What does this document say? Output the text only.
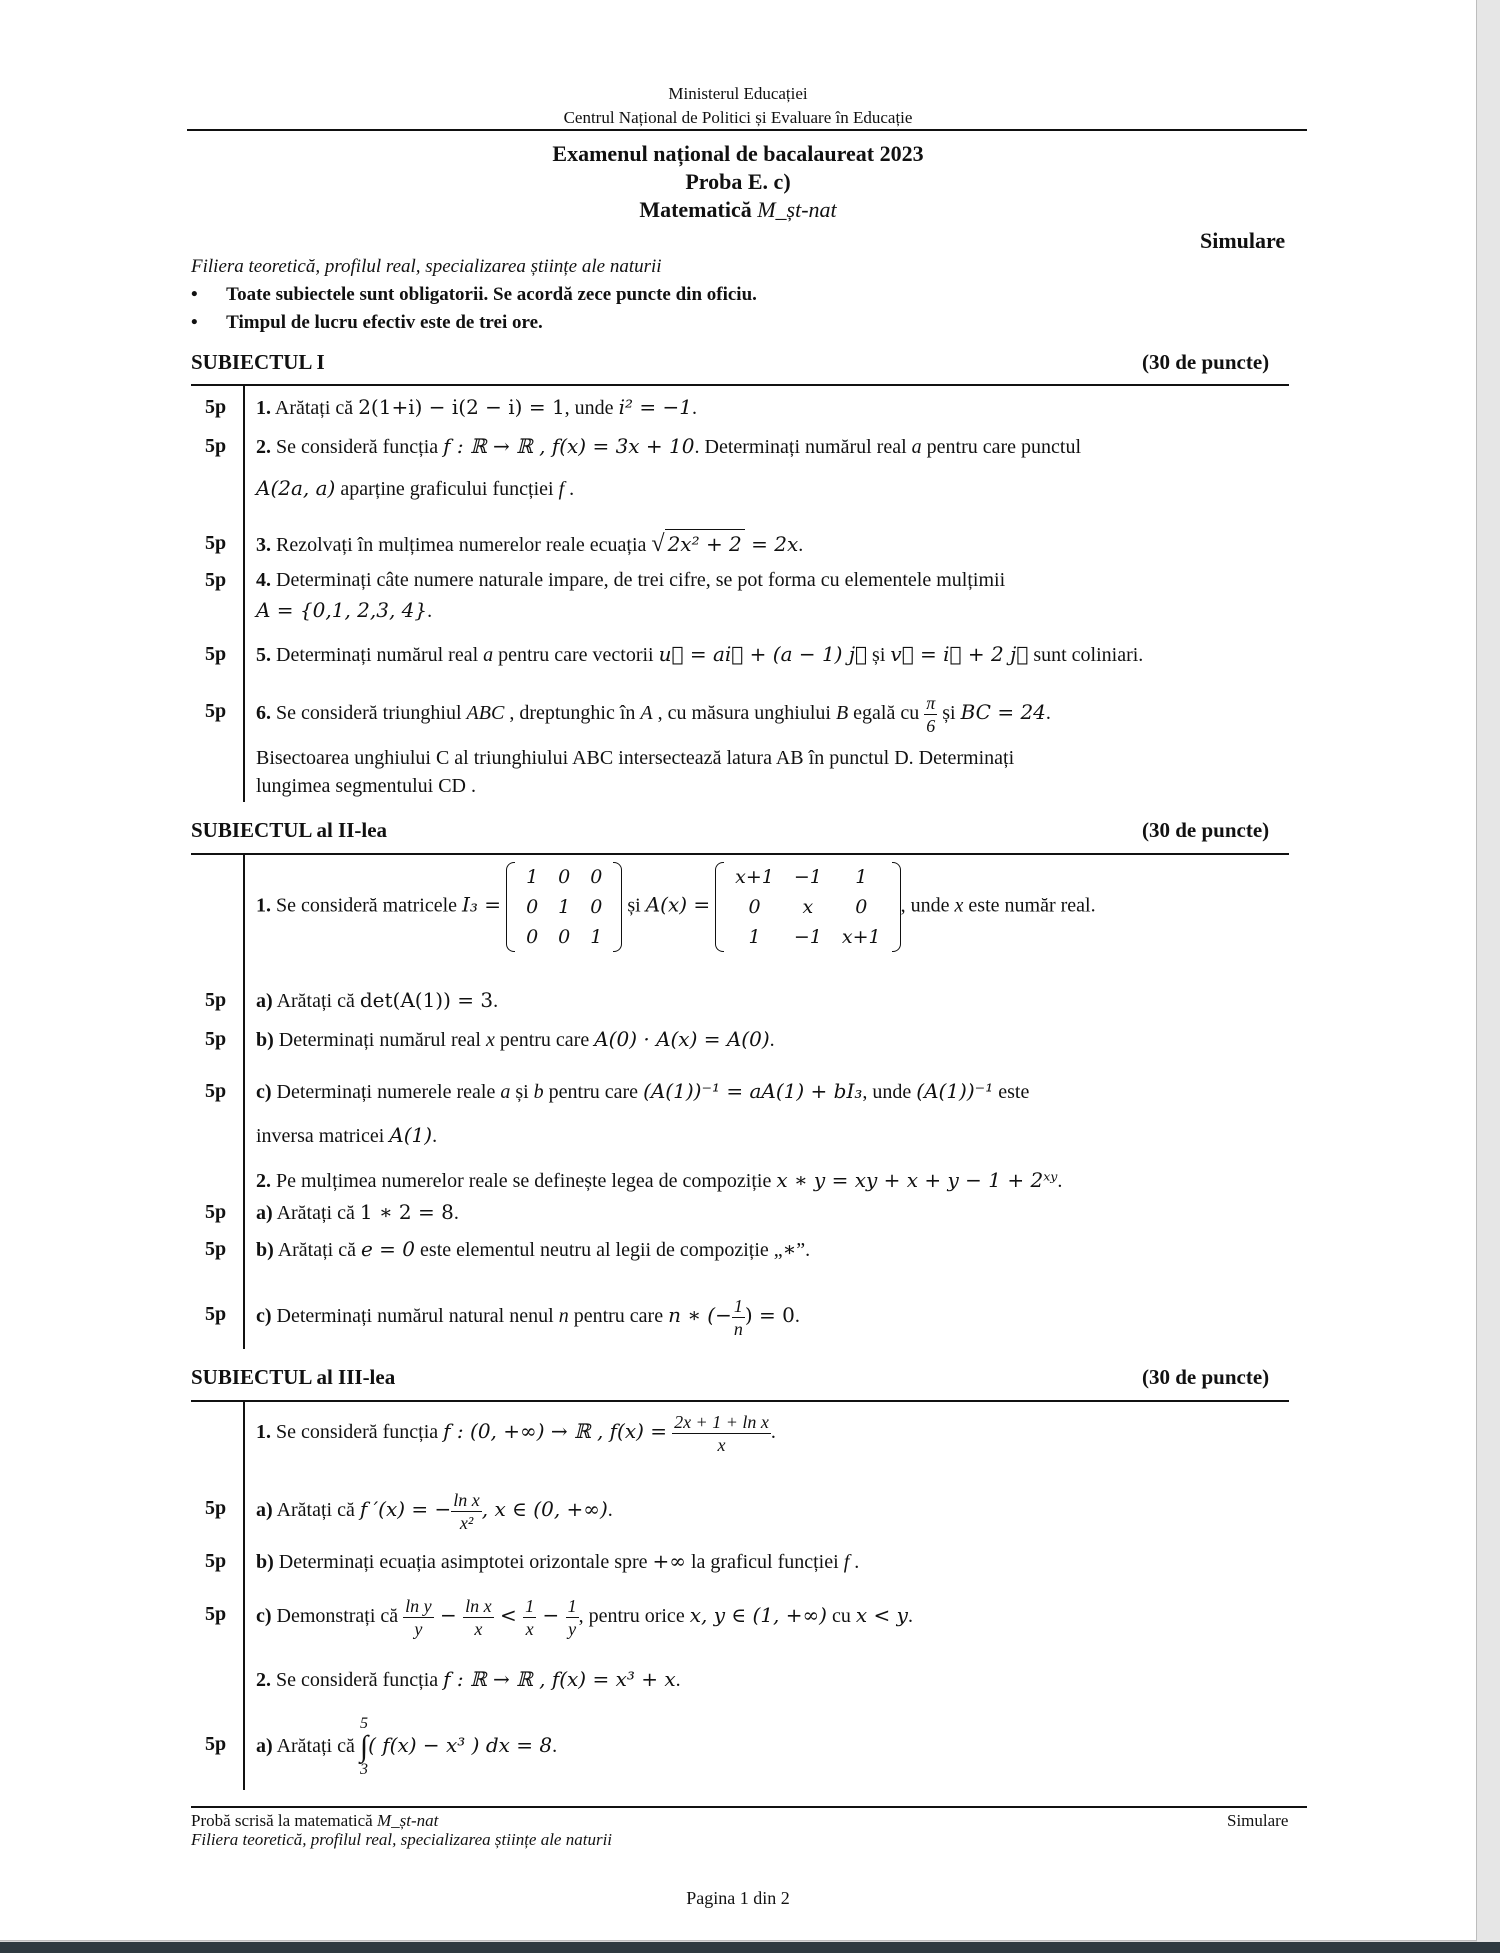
Ministerul Educației
Centrul Național de Politici și Evaluare în Educație
Examenul național de bacalaureat 2023
Proba E. c)
Matematică M_șt-nat
Simulare
Filiera teoretică, profilul real, specializarea științe ale naturii
•      Toate subiectele sunt obligatorii. Se acordă zece puncte din oficiu.
•      Timpul de lucru efectiv este de trei ore.
SUBIECTUL I	(30 de puncte)
5p 1. Arătați că 2(1+i) − i(2 − i) = 1, unde i² = −1.
5p 2. Se consideră funcția f : ℝ → ℝ , f(x) = 3x + 10. Determinați numărul real a pentru care punctul
A(2a, a) aparține graficului funcției f .
5p 3. Rezolvați în mulțimea numerelor reale ecuația √ 2x² + 2 = 2x.
5p 4. Determinați câte numere naturale impare, de trei cifre, se pot forma cu elementele mulțimii
A = {0,1, 2,3, 4}.
5p 5. Determinați numărul real a pentru care vectorii u⃗ = ai⃗ + (a − 1) j⃗ și v⃗ = i⃗ + 2 j⃗ sunt coliniari.
5p 6. Se consideră triunghiul ABC , dreptunghic în A , cu măsura unghiului B egală cu $\frac{\pi}{6}$ și BC = 24.
Bisectoarea unghiului C al triunghiului ABC intersectează latura AB în punctul D. Determinați
lungimea segmentului CD .
SUBIECTUL al II-lea	(30 de puncte)
1. Se consideră matricele I₃ =
1	0	0
0	1	0
0	0	1
și A(x) =
x+1	−1	1
0	x	0
1	−1	x+1
, unde x este număr real.
5p a) Arătați că det(A(1)) = 3.
5p b) Determinați numărul real x pentru care A(0) · A(x) = A(0).
5p c) Determinați numerele reale a și b pentru care (A(1))⁻¹ = aA(1) + bI₃, unde (A(1))⁻¹ este
inversa matricei A(1).
2. Pe mulțimea numerelor reale se definește legea de compoziție x ∗ y = xy + x + y − 1 + 2ˣʸ.
5p a) Arătați că 1 ∗ 2 = 8.
5p b) Arătați că e = 0 este elementul neutru al legii de compoziție „∗”.
5p c) Determinați numărul natural nenul n pentru care n ∗ (− $\frac{1}{n}$ ) = 0.
SUBIECTUL al III-lea	(30 de puncte)
1. Se consideră funcția f : (0, +∞) → ℝ , $f(x) = \frac{\text{2x + 1 + ln x}}{x}$ .
5p a) Arătați că f ′(x) = − $\frac{\text{ln x}}{\text{x²}}$ , x ∈ (0, +∞).
5p b) Determinați ecuația asimptotei orizontale spre +∞ la graficul funcției f .
5p c) Demonstrați că $\frac{\text{ln y}}{y} - \frac{\text{ln x}}{x} < \frac{1}{x} - \frac{1}{y}$ , pentru orice x, y ∈ (1, +∞) cu x < y.
2. Se consideră funcția f : ℝ → ℝ , f(x) = x³ + x.
5p a) Arătați că
5
∫
3
( f(x) − x³ ) dx = 8.
Probă scrisă la matematică M_șt-nat
Filiera teoretică, profilul real, specializarea științe ale naturii
Simulare
Pagina 1 din 2
